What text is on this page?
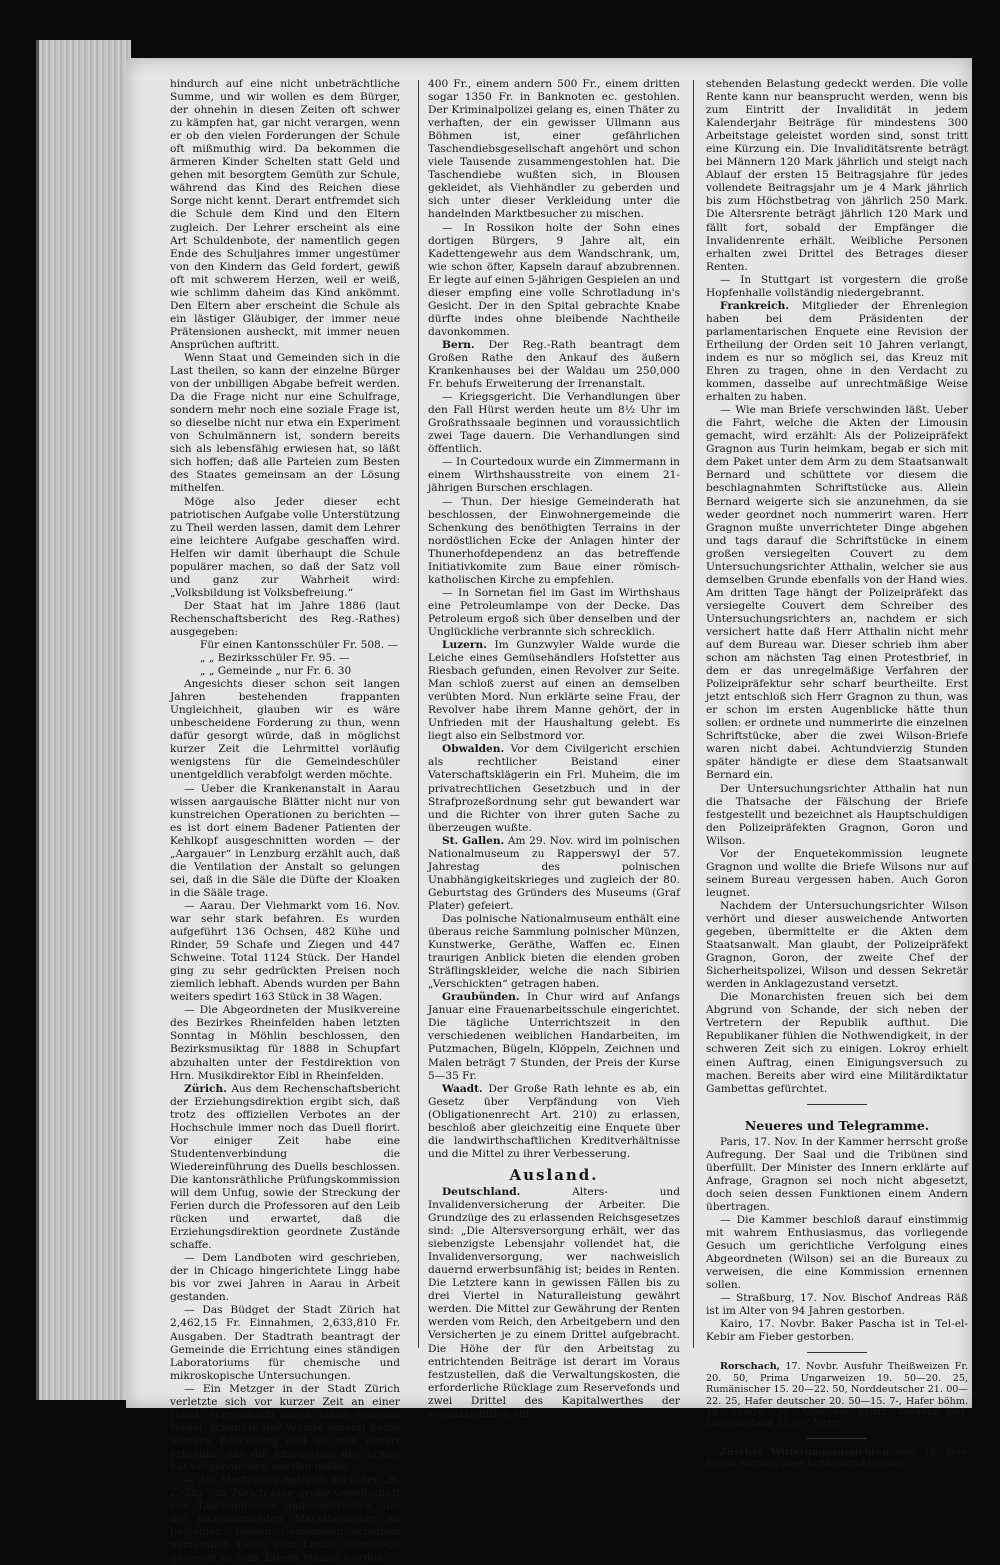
hindurch auf eine nicht unbeträchtliche Summe, und wir wollen es dem Bürger, der ohnehin in diesen Zeiten oft schwer zu kämpfen hat, gar nicht verargen, wenn er ob den vielen Forderungen der Schule oft mißmuthig wird. Da bekommen die ärmeren Kinder Schelten statt Geld und gehen mit besorgtem Gemüth zur Schule, während das Kind des Reichen diese Sorge nicht kennt. Derart entfremdet sich die Schule dem Kind und den Eltern zugleich. Der Lehrer erscheint als eine Art Schuldenbote, der namentlich gegen Ende des Schuljahres immer ungestümer von den Kindern das Geld fordert, gewiß oft mit schwerem Herzen, weil er weiß, wie schlimm daheim das Kind ankömmt. Den Eltern aber erscheint die Schule als ein lästiger Gläubiger, der immer neue Prätensionen ausheckt, mit immer neuen Ansprüchen auftritt.

Wenn Staat und Gemeinden sich in die Last theilen, so kann der einzelne Bürger von der unbilligen Abgabe befreit werden. Da die Frage nicht nur eine Schulfrage, sondern mehr noch eine soziale Frage ist, so dieselbe nicht nur etwa ein Experiment von Schulmännern ist, sondern bereits sich als lebensfähig erwiesen hat, so läßt sich hoffen; daß alle Parteien zum Besten des Staates gemeinsam an der Lösung mithelfen.

Möge also Jeder dieser echt patriotischen Aufgabe volle Unterstützung zu Theil werden lassen, damit dem Lehrer eine leichtere Aufgabe geschaffen wird. Helfen wir damit überhaupt die Schule populärer machen, so daß der Satz voll und ganz zur Wahrheit wird: „Volksbildung ist Volksbefreiung.“

Der Staat hat im Jahre 1886 (laut Rechenschaftsbericht des Reg.-Rathes) ausgegeben:

Für einen Kantonsschüler Fr. 508. —
„ „ Bezirksschüler Fr. 95. —
„ „ Gemeinde „ nur Fr. 6. 30

Angesichts dieser schon seit langen Jahren bestehenden frappanten Ungleichheit, glauben wir es wäre unbescheidene Forderung zu thun, wenn dafür gesorgt würde, daß in möglichst kurzer Zeit die Lehrmittel vorläufig wenigstens für die Gemeindeschüler unentgeldlich verabfolgt werden möchte.

— Ueber die Krankenanstalt in Aarau wissen aargauische Blätter nicht nur von kunstreichen Operationen zu berichten — es ist dort einem Badener Patienten der Kehlkopf ausgeschnitten worden — der „Aargauer“ in Lenzburg erzählt auch, daß die Ventilation der Anstalt so gelungen sei, daß in die Säle die Düfte der Kloaken in die Sääle trage.

— Aarau. Der Viehmarkt vom 16. Nov. war sehr stark befahren. Es wurden aufgeführt 136 Ochsen, 482 Kühe und Rinder, 59 Schafe und Ziegen und 447 Schweine. Total 1124 Stück. Der Handel ging zu sehr gedrückten Preisen noch ziemlich lebhaft. Abends wurden per Bahn weiters spedirt 163 Stück in 38 Wagen.

— Die Abgeordneten der Musikvereine des Bezirkes Rheinfelden haben letzten Sonntag in Möhlin beschlossen, den Bezirksmusiktag für 1888 in Schupfart abzuhalten unter der Festdirektion von Hrn. Musikdirektor Eibl in Rheinfelden.

Zürich. Aus dem Rechenschaftsbericht der Erziehungsdirektion ergibt sich, daß trotz des offiziellen Verbotes an der Hochschule immer noch das Duell florirt. Vor einiger Zeit habe eine Studentenverbindung die Wiedereinführung des Duells beschlossen. Die kantonsräthliche Prüfungskommission will dem Unfug, sowie der Streckung der Ferien durch die Professoren auf den Leib rücken und erwartet, daß die Erziehungsdirektion geordnete Zustände schaffe.

— Dem Landboten wird geschrieben, der in Chicago hingerichtete Lingg habe bis vor zwei Jahren in Aarau in Arbeit gestanden.

— Das Büdget der Stadt Zürich hat 2,462,15 Fr. Einnahmen, 2,633,810 Fr. Ausgaben. Der Stadtrath beantragt der Gemeinde die Errichtung eines ständigen Laboratoriums für chemische und mikroskopische Untersuchungen.

— Ein Metzger in der Stadt Zürich verletzte sich vor kurzer Zeit an einer Hand, vermuthlich durch einen rostigen Nagel, schenkte der Wunde vorerst keine weitere Beachtung und ist nun derart erkrankt, daß die Amputation des Armes hat vorgenommen werden müsse.

— Am Martinstag hat sich nach der „N. Z.-Ztg.“ in Zürich eine große Gesellschaft von Taschendieben umhergetrieben, um die nichtsahnenden Marktbesucher zu bestehlen. Diesen Gaunereien scheinen namentlich Leute vom Lande ausgesetzt gewesen zu sein. Einem Manne wurden

400 Fr., einem andern 500 Fr., einem dritten sogar 1350 Fr. in Banknoten ec. gestohlen. Der Kriminalpolizei gelang es, einen Thäter zu verhaften, der ein gewisser Ullmann aus Böhmen ist, einer gefährlichen Taschendiebsgesellschaft angehört und schon viele Tausende zusammengestohlen hat. Die Taschendiebe wußten sich, in Blousen gekleidet, als Viehhändler zu geberden und sich unter dieser Verkleidung unter die handelnden Marktbesucher zu mischen.

— In Rossikon holte der Sohn eines dortigen Bürgers, 9 Jahre alt, ein Kadettengewehr aus dem Wandschrank, um, wie schon öfter, Kapseln darauf abzubrennen. Er legte auf einen 5-jährigen Gespielen an und dieser empfing eine volle Schrotladung in's Gesicht. Der in den Spital gebrachte Knabe dürfte indes ohne bleibende Nachtheile davonkommen.

Bern. Der Reg.-Rath beantragt dem Großen Rathe den Ankauf des äußern Krankenhauses bei der Waldau um 250,000 Fr. behufs Erweiterung der Irrenanstalt.

— Kriegsgericht. Die Verhandlungen über den Fall Hürst werden heute um 8½ Uhr im Großrathssaale beginnen und voraussichtlich zwei Tage dauern. Die Verhandlungen sind öffentlich.

— In Courtedoux wurde ein Zimmermann in einem Wirthshausstreite von einem 21-jährigen Burschen erschlagen.

— Thun. Der hiesige Gemeinderath hat beschlossen, der Einwohnergemeinde die Schenkung des benöthigten Terrains in der nordöstlichen Ecke der Anlagen hinter der Thunerhofdependenz an das betreffende Initiativkomite zum Baue einer römisch-katholischen Kirche zu empfehlen.

— In Sornetan fiel im Gast im Wirthshaus eine Petroleumlampe von der Decke. Das Petroleum ergoß sich über denselben und der Unglückliche verbrannte sich schrecklich.

Luzern. Im Gunzwyler Walde wurde die Leiche eines Gemüsehändlers Hofstetter aus Riesbach gefunden, einen Revolver zur Seite. Man schloß zuerst auf einen an demselben verübten Mord. Nun erklärte seine Frau, der Revolver habe ihrem Manne gehört, der in Unfrieden mit der Haushaltung gelebt. Es liegt also ein Selbstmord vor.

Obwalden. Vor dem Civilgericht erschien als rechtlicher Beistand einer Vaterschaftsklägerin ein Frl. Muheim, die im privatrechtlichen Gesetzbuch und in der Strafprozeßordnung sehr gut bewandert war und die Richter von ihrer guten Sache zu überzeugen wußte.

St. Gallen. Am 29. Nov. wird im polnischen Nationalmuseum zu Rapperswyl der 57. Jahrestag des polnischen Unabhängigkeitskrieges und zugleich der 80. Geburtstag des Gründers des Museums (Graf Plater) gefeiert.

Das polnische Nationalmuseum enthält eine überaus reiche Sammlung polnischer Münzen, Kunstwerke, Geräthe, Waffen ec. Einen traurigen Anblick bieten die elenden groben Sträflingskleider, welche die nach Sibirien „Verschickten“ getragen haben.

Graubünden. In Chur wird auf Anfangs Januar eine Frauenarbeitsschule eingerichtet. Die tägliche Unterrichtszeit in den verschiedenen weiblichen Handarbeiten, im Putzmachen, Bügeln, Klöppeln, Zeichnen und Malen beträgt 7 Stunden, der Preis der Kurse 5—35 Fr.

Waadt. Der Große Rath lehnte es ab, ein Gesetz über Verpfändung von Vieh (Obligationenrecht Art. 210) zu erlassen, beschloß aber gleichzeitig eine Enquete über die landwirthschaftlichen Kreditverhältnisse und die Mittel zu ihrer Verbesserung.

Ausland.

Deutschland. Alters- und Invalidenversicherung der Arbeiter. Die Grundzüge des zu erlassenden Reichsgesetzes sind: „Die Altersversorgung erhält, wer das siebenzigste Lebensjahr vollendet hat, die Invalidenversorgung, wer nachweislich dauernd erwerbsunfähig ist; beides in Renten. Die Letztere kann in gewissen Fällen bis zu drei Viertel in Naturalleistung gewährt werden. Die Mittel zur Gewährung der Renten werden vom Reich, den Arbeitgebern und den Versicherten je zu einem Drittel aufgebracht. Die Höhe der für den Arbeitstag zu entrichtenden Beiträge ist derart im Voraus festzustellen, daß die Verwaltungskosten, die erforderliche Rücklage zum Reservefonds und zwei Drittel des Kapitalwerthes der voraussichtlich ent-

stehenden Belastung gedeckt werden. Die volle Rente kann nur beansprucht werden, wenn bis zum Eintritt der Invalidität in jedem Kalenderjahr Beiträge für mindestens 300 Arbeitstage geleistet worden sind, sonst tritt eine Kürzung ein. Die Invaliditätsrente beträgt bei Männern 120 Mark jährlich und steigt nach Ablauf der ersten 15 Beitragsjahre für jedes vollendete Beitragsjahr um je 4 Mark jährlich bis zum Höchstbetrag von jährlich 250 Mark. Die Altersrente beträgt jährlich 120 Mark und fällt fort, sobald der Empfänger die Invalidenrente erhält. Weibliche Personen erhalten zwei Drittel des Betrages dieser Renten.

— In Stuttgart ist vorgestern die große Hopfenhalle vollständig niedergebrannt.

Frankreich. Mitglieder der Ehrenlegion haben bei dem Präsidenten der parlamentarischen Enquete eine Revision der Ertheilung der Orden seit 10 Jahren verlangt, indem es nur so möglich sei, das Kreuz mit Ehren zu tragen, ohne in den Verdacht zu kommen, dasselbe auf unrechtmäßige Weise erhalten zu haben.

— Wie man Briefe verschwinden läßt. Ueber die Fahrt, welche die Akten der Limousin gemacht, wird erzählt: Als der Polizeipräfekt Gragnon aus Turin heimkam, begab er sich mit dem Paket unter dem Arm zu dem Staatsanwalt Bernard und schüttete vor diesem die beschlagnahmten Schriftstücke aus. Allein Bernard weigerte sich sie anzunehmen, da sie weder geordnet noch nummerirt waren. Herr Gragnon mußte unverrichteter Dinge abgehen und tags darauf die Schriftstücke in einem großen versiegelten Couvert zu dem Untersuchungsrichter Atthalin, welcher sie aus demselben Grunde ebenfalls von der Hand wies. Am dritten Tage hängt der Polizeipräfekt das versiegelte Couvert dem Schreiber des Untersuchungsrichters an, nachdem er sich versichert hatte daß Herr Atthalin nicht mehr auf dem Bureau war. Dieser schrieb ihm aber schon am nächsten Tag einen Protestbrief, in dem er das unregelmäßige Verfahren der Polizeipräfektur sehr scharf beurtheilte. Erst jetzt entschloß sich Herr Gragnon zu thun, was er schon im ersten Augenblicke hätte thun sollen: er ordnete und nummerirte die einzelnen Schriftstücke, aber die zwei Wilson-Briefe waren nicht dabei. Achtundvierzig Stunden später händigte er diese dem Staatsanwalt Bernard ein.

Der Untersuchungsrichter Atthalin hat nun die Thatsache der Fälschung der Briefe festgestellt und bezeichnet als Hauptschuldigen den Polizeipräfekten Gragnon, Goron und Wilson.

Vor der Enquetekommission leugnete Gragnon und wollte die Briefe Wilsons nur auf seinem Bureau vergessen haben. Auch Goron leugnet.

Nachdem der Untersuchungsrichter Wilson verhört und dieser ausweichende Antworten gegeben, übermittelte er die Akten dem Staatsanwalt. Man glaubt, der Polizeipräfekt Gragnon, Goron, der zweite Chef der Sicherheitspolizei, Wilson und dessen Sekretär werden in Anklagezustand versetzt.

Die Monarchisten freuen sich bei dem Abgrund von Schande, der sich neben der Vertretern der Republik aufthut. Die Republikaner fühlen die Nothwendigkeit, in der schweren Zeit sich zu einigen. Lokroy erhielt einen Auftrag, einen Einigungsversuch zu machen. Bereits aber wird eine Militärdiktatur Gambettas gefürchtet.

Neueres und Telegramme.

Paris, 17. Nov. In der Kammer herrscht große Aufregung. Der Saal und die Tribünen sind überfüllt. Der Minister des Innern erklärte auf Anfrage, Gragnon sei noch nicht abgesetzt, doch seien dessen Funktionen einem Andern übertragen.

— Die Kammer beschloß darauf einstimmig mit wahrem Enthusiasmus, das vorliegende Gesuch um gerichtliche Verfolgung eines Abgeordneten (Wilson) sei an die Bureaux zu verweisen, die eine Kommission ernennen sollen.

— Straßburg, 17. Nov. Bischof Andreas Räß ist im Alter von 94 Jahren gestorben.

Kairo, 17. Novbr. Baker Pascha ist in Tel-el-Kebir am Fieber gestorben.

Rorschach, 17. Novbr. Ausfuhr Theißweizen Fr. 20. 50, Prima Ungarweizen 19. 50—20. 25, Rumänischer 15. 20—22. 50, Norddeutscher 21. 00—22. 25, Hafer deutscher 20. 50—15. 7-, Hafer böhm. 16. 00—16. 50. Alles per Mtztr. Tendenz fest. Lagerbestand 33,897 Mtztr.

Zürcher Witterungsaussichten vom 18. Nov. Etwas wärmer, aber fortdauernd trocken.
